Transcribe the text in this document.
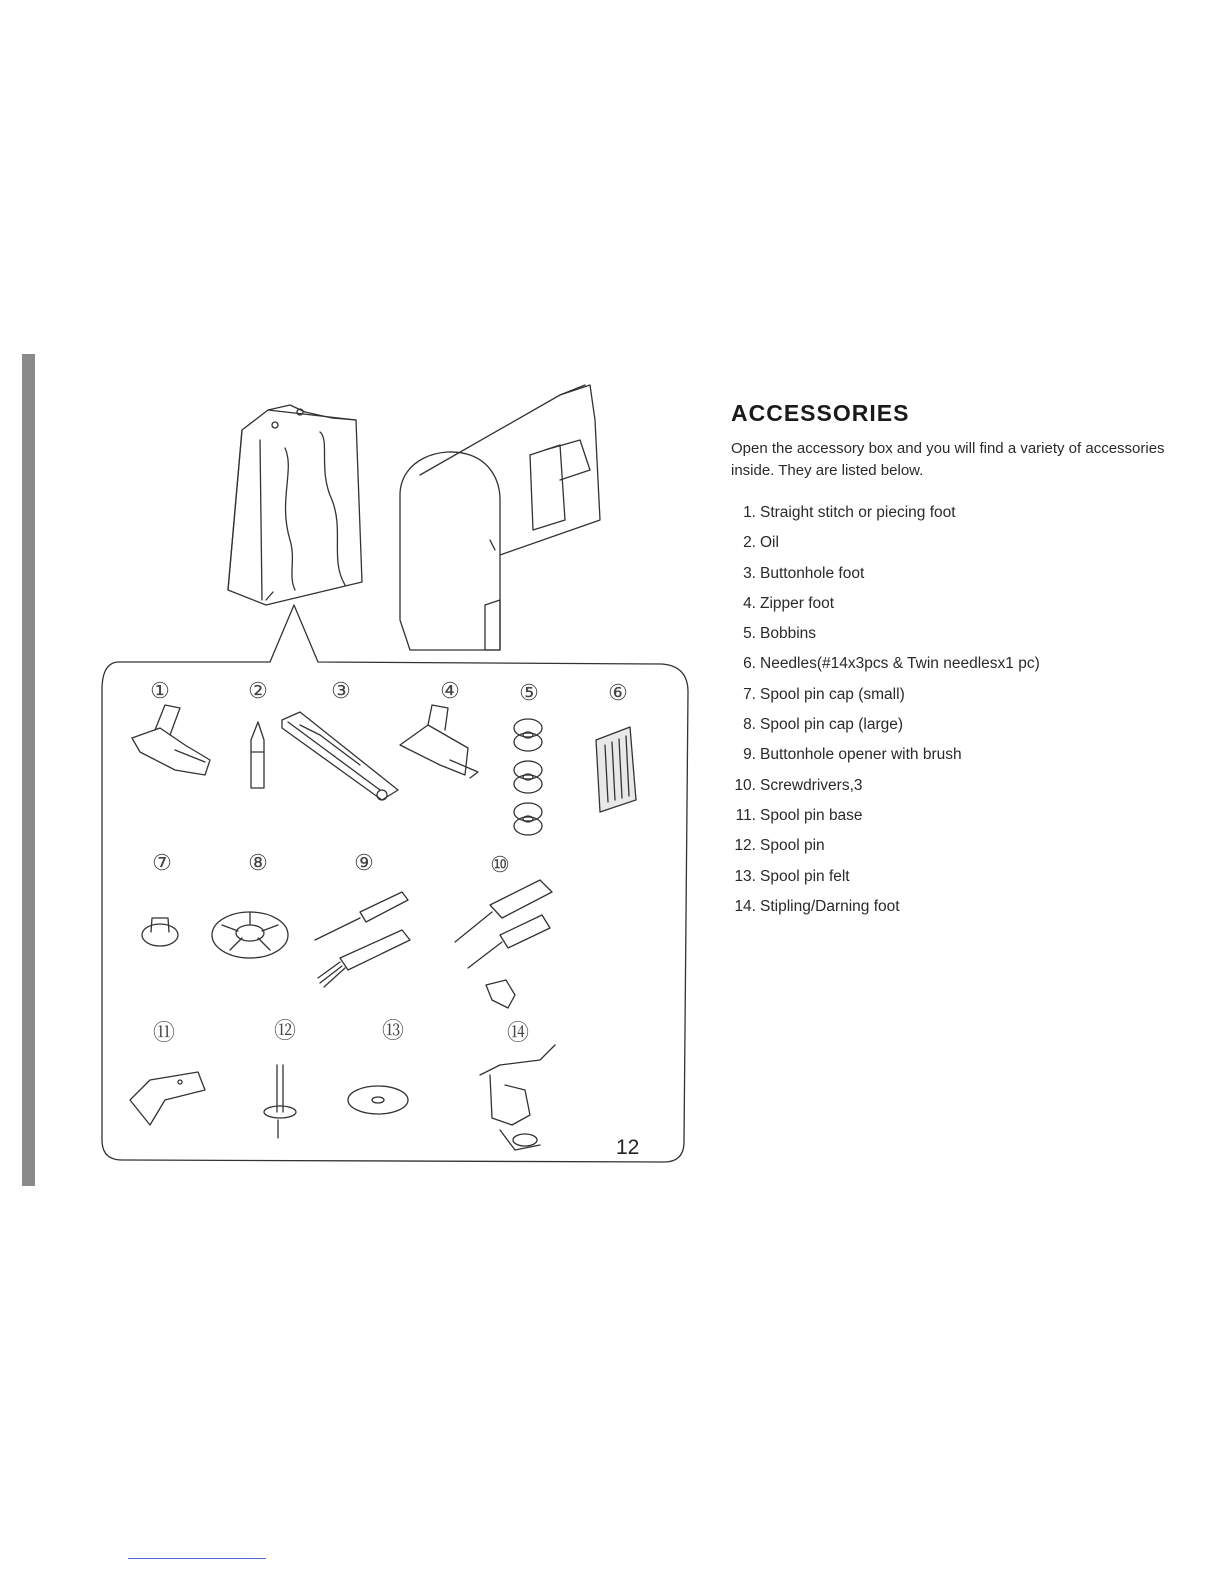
①	②	③	④	⑤	⑥
⑦	⑧	⑨	⑩
⑪	⑫	⑬	⑭
ACCESSORIES
Open the accessory box and you will find a variety of accessories inside. They are listed below.
1. Straight stitch or piecing foot
2. Oil
3. Buttonhole foot
4. Zipper foot
5. Bobbins
6. Needles(#14x3pcs & Twin needlesx1 pc)
7. Spool pin cap (small)
8. Spool pin cap (large)
9. Buttonhole opener with brush
10. Screwdrivers,3
11. Spool pin base
12. Spool pin
13. Spool pin felt
14. Stipling/Darning foot
12
